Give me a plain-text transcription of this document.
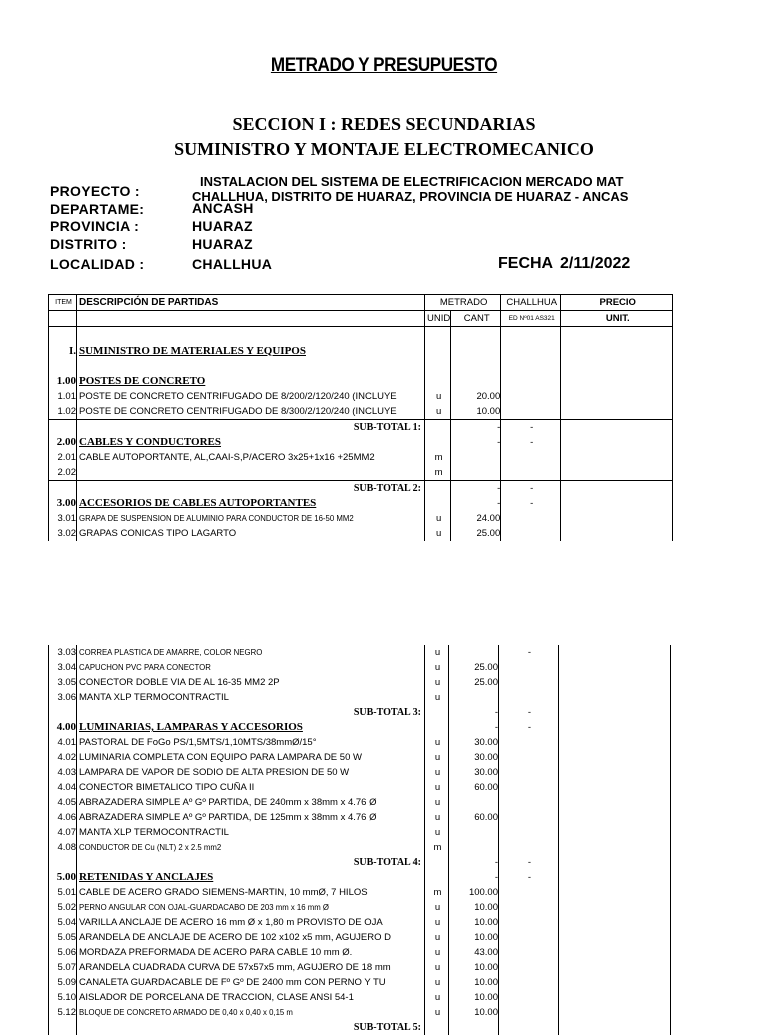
METRADO Y PRESUPUESTO
SECCION I : REDES SECUNDARIAS
SUMINISTRO Y MONTAJE ELECTROMECANICO
PROYECTO :
INSTALACION DEL SISTEMA DE ELECTRIFICACION MERCADO MAT
CHALLHUA, DISTRITO DE HUARAZ, PROVINCIA DE HUARAZ - ANCAS
DEPARTAME:	ANCASH
PROVINCIA :	HUARAZ
DISTRITO :	HUARAZ
LOCALIDAD :	CHALLHUA	FECHA 2/11/2022
ITEM	DESCRIPCIÓN DE PARTIDAS	METRADO		CHALLHUA	PRECIO
		UNID	CANT	ED Nº01 AS321	UNIT.

I.	SUMINISTRO DE MATERIALES Y EQUIPOS				

1.00	POSTES DE CONCRETO				
1.01	POSTE DE CONCRETO CENTRIFUGADO DE 8/200/2/120/240 (INCLUYE	u	20.00		
1.02	POSTE DE CONCRETO CENTRIFUGADO DE 8/300/2/120/240 (INCLUYE	u	10.00		
	SUB-TOTAL 1:		-	-	
2.00	CABLES Y CONDUCTORES		-	-	
2.01	CABLE AUTOPORTANTE, AL,CAAI-S,P/ACERO 3x25+1x16 +25MM2	m			
2.02		m			
	SUB-TOTAL 2:		-	-	
3.00	ACCESORIOS DE CABLES AUTOPORTANTES		-	-	
3.01	GRAPA DE SUSPENSION DE ALUMINIO PARA CONDUCTOR DE 16-50 MM2	u	24.00		
3.02	GRAPAS CONICAS TIPO LAGARTO	u	25.00		
3.03	CORREA PLASTICA DE AMARRE, COLOR NEGRO	u		-	
3.04	CAPUCHON PVC PARA CONECTOR	u	25.00		
3.05	CONECTOR DOBLE VIA DE AL 16-35 MM2 2P	u	25.00		
3.06	MANTA XLP TERMOCONTRACTIL	u			
	SUB-TOTAL 3:		-	-	
4.00	LUMINARIAS, LAMPARAS Y ACCESORIOS		-	-	
4.01	PASTORAL DE FoGo PS/1,5MTS/1,10MTS/38mmØ/15°	u	30.00		
4.02	LUMINARIA COMPLETA CON EQUIPO PARA LAMPARA DE 50 W	u	30.00		
4.03	LAMPARA DE VAPOR DE SODIO DE ALTA PRESION DE 50 W	u	30.00		
4.04	CONECTOR BIMETALICO TIPO CUÑA II	u	60.00		
4.05	ABRAZADERA SIMPLE Aº Gº PARTIDA, DE 240mm x 38mm x 4.76 Ø	u			
4.06	ABRAZADERA SIMPLE Aº Gº PARTIDA, DE 125mm x 38mm x 4.76 Ø	u	60.00		
4.07	MANTA XLP TERMOCONTRACTIL	u			
4.08	CONDUCTOR DE Cu (NLT) 2 x 2.5 mm2	m			
	SUB-TOTAL 4:		-	-	
5.00	RETENIDAS Y ANCLAJES		-	-	
5.01	CABLE DE ACERO GRADO SIEMENS-MARTIN, 10 mmØ, 7 HILOS	m	100.00		
5.02	PERNO ANGULAR CON OJAL-GUARDACABO DE 203 mm x 16 mm Ø	u	10.00		
5.04	VARILLA ANCLAJE DE ACERO 16 mm Ø x 1,80 m PROVISTO DE OJA	u	10.00		
5.05	ARANDELA DE ANCLAJE DE ACERO DE 102 x102 x5 mm, AGUJERO D	u	10.00		
5.06	MORDAZA PREFORMADA DE ACERO PARA CABLE 10 mm Ø.	u	43.00		
5.07	ARANDELA CUADRADA CURVA DE 57x57x5 mm, AGUJERO DE 18 mm	u	10.00		
5.09	CANALETA GUARDACABLE DE Fº Gº DE 2400 mm CON PERNO Y TU	u	10.00		
5.10	AISLADOR DE PORCELANA DE TRACCION, CLASE ANSI 54-1	u	10.00		
5.12	BLOQUE DE CONCRETO ARMADO DE 0,40 x 0,40 x 0,15 m	u	10.00		
	SUB-TOTAL 5:				
